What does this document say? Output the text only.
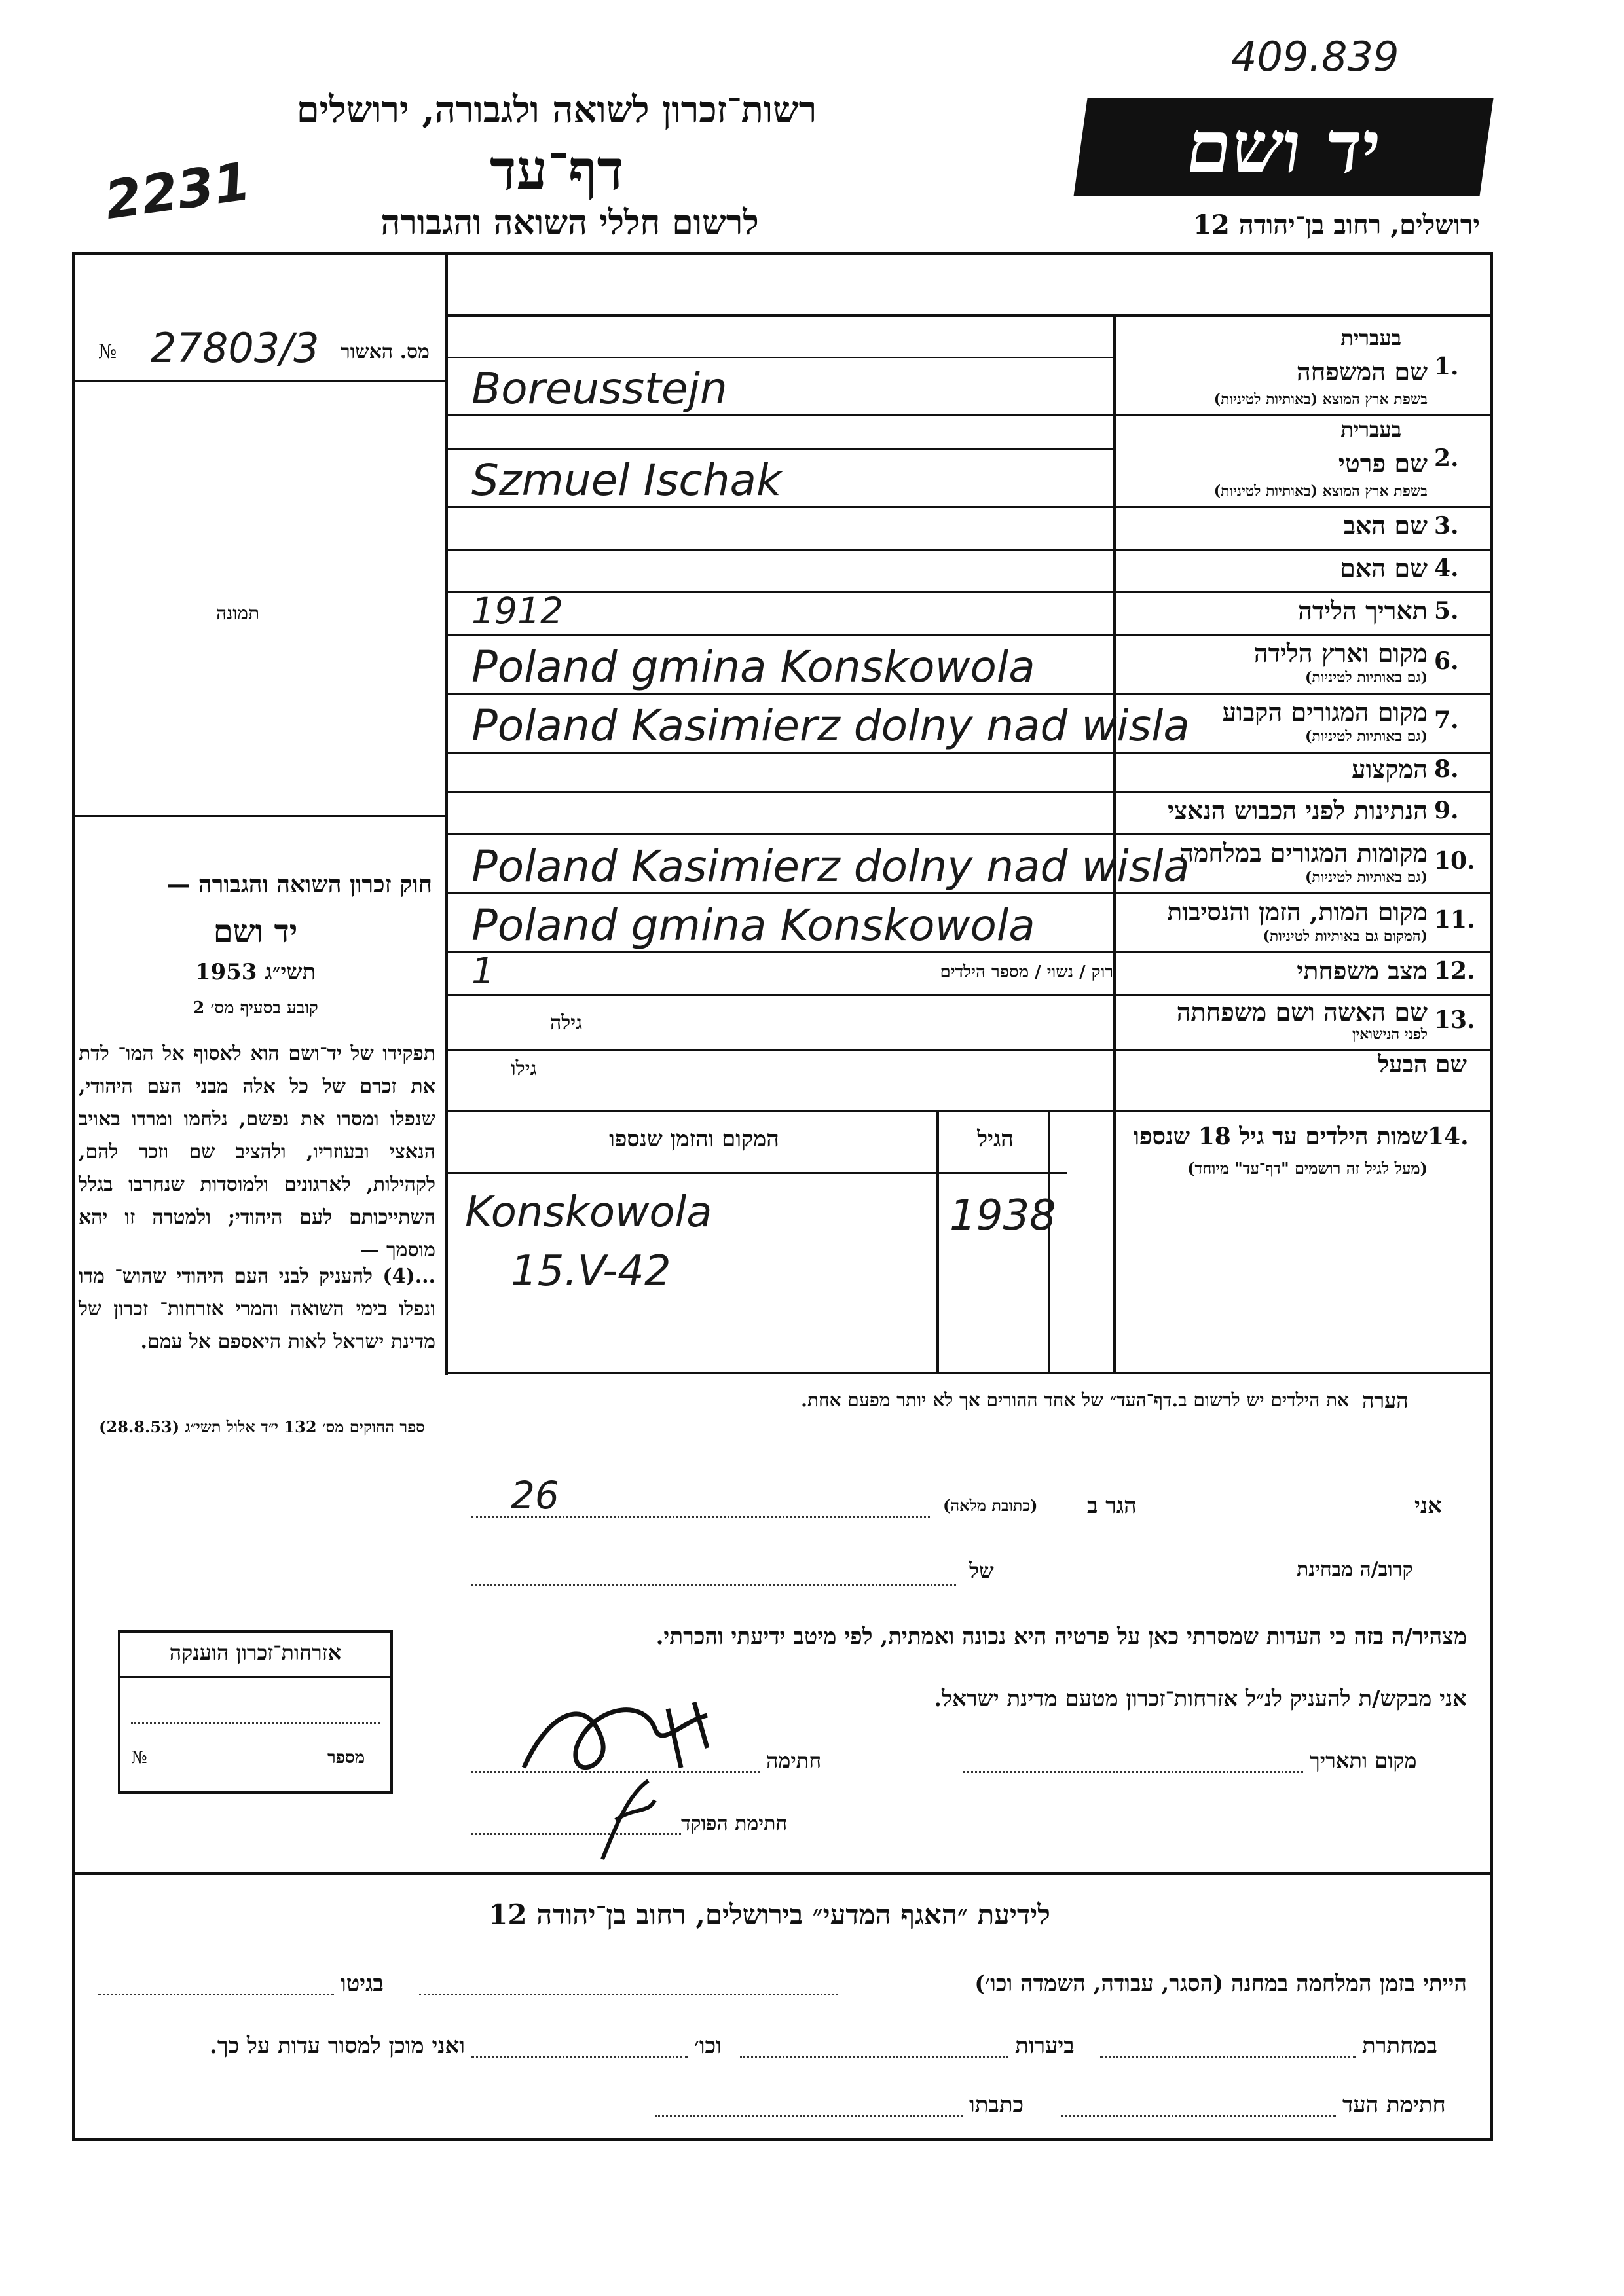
409.839
2231
רשות־זכרון לשואה ולגבורה, ירושלים
דף־עד
לרשום חללי השואה והגבורה
יד ושם
ירושלים, רחוב בן־יהודה 12
מס. האשור
№ 27803/3
תמונה
חוק זכרון השואה והגבורה —
יד ושם
תשי״ג 1953
קובע בסעיף מס׳ 2
תפקידו של יד־ושם הוא לאסוף אל המו־ לדת את זכרם של כל אלה מבני העם היהודי, שנפלו ומסרו את נפשם, נלחמו ומרדו באויב הנאצי ובעוזריו, ולהציב שם וזכר להם, לקהילות, לארגונים ולמוסדות שנחרבו בגלל השתייכותם לעם היהודי; ולמטרה זו יהא מוסמך —
...(4) להעניק לבני העם היהודי שהוש־ מדו ונפלו בימי השואה והמרי אזרחות־ זכרון של מדינת ישראל לאות היאספם אל עמם.
ספר החוקים מס׳ 132 י״ד אלול תשי״ג (28.8.53)
1.
שם המשפחה
בשפת ארץ המוצא (באותיות לטיניות)
בעברית
Boreusstejn
2.
שם פרטי
בשפת ארץ המוצא (באותיות לטיניות)
בעברית
Szmuel Ischak
3.
שם האב
4.
שם האם
5.
תאריך הלידה
1912
6.
מקום וארץ הלידה
(גם באותיות לטיניות)
Poland gmina Konskowola
7.
מקום המגורים הקבוע
(גם באותיות לטיניות)
Poland Kasimierz dolny nad wisla
8.
המקצוע
9.
הנתינות לפני הכבוש הנאצי
10.
מקומות המגורים במלחמה
(גם באותיות לטיניות)
Poland Kasimierz dolny nad wisla
11.
מקום המות, הזמן והנסיבות
(המקום גם באותיות לטיניות)
Poland gmina Konskowola
12.
מצב משפחתי
1	רוק / נשוי / מספר הילדים
13.
שם האשה ושם משפחתה
לפני הנישואין
גילה
שם הבעל
גילו
14.
שמות הילדים עד גיל 18 שנספו
(מעל לגיל זה רושמים "דף־עד" מיוחד)
הגיל
המקום והזמן שנספו
1938
Konskowola
15.V-42
הערה
את הילדים יש לרשום ב.דף־העד״ של אחד ההורים אך לא יותר מפעם אחת.
אני
הגר ב
(כתובת מלאה)
26
קרוב/ה מבחינת
של
מצהיר/ה בזה כי העדות שמסרתי כאן על פרטיה היא נכונה ואמתית, לפי מיטב ידיעתי והכרתי.
אני מבקש/ת להעניק לנ״ל אזרחות־זכרון מטעם מדינת ישראל.
מקום ותאריך
חתימה
חתימת הפוקד
אזרחות־זכרון הוענקה
№	מספר
לידיעת ״האגף המדעי״ בירושלים, רחוב בן־יהודה 12
הייתי בזמן המלחמה במחנה (הסגר, עבודה, השמדה וכו׳)
בגיטו
במחתרת
ביערות
וכו׳
ואני מוכן למסור עדות על כך.
חתימת העד
כתבתו
